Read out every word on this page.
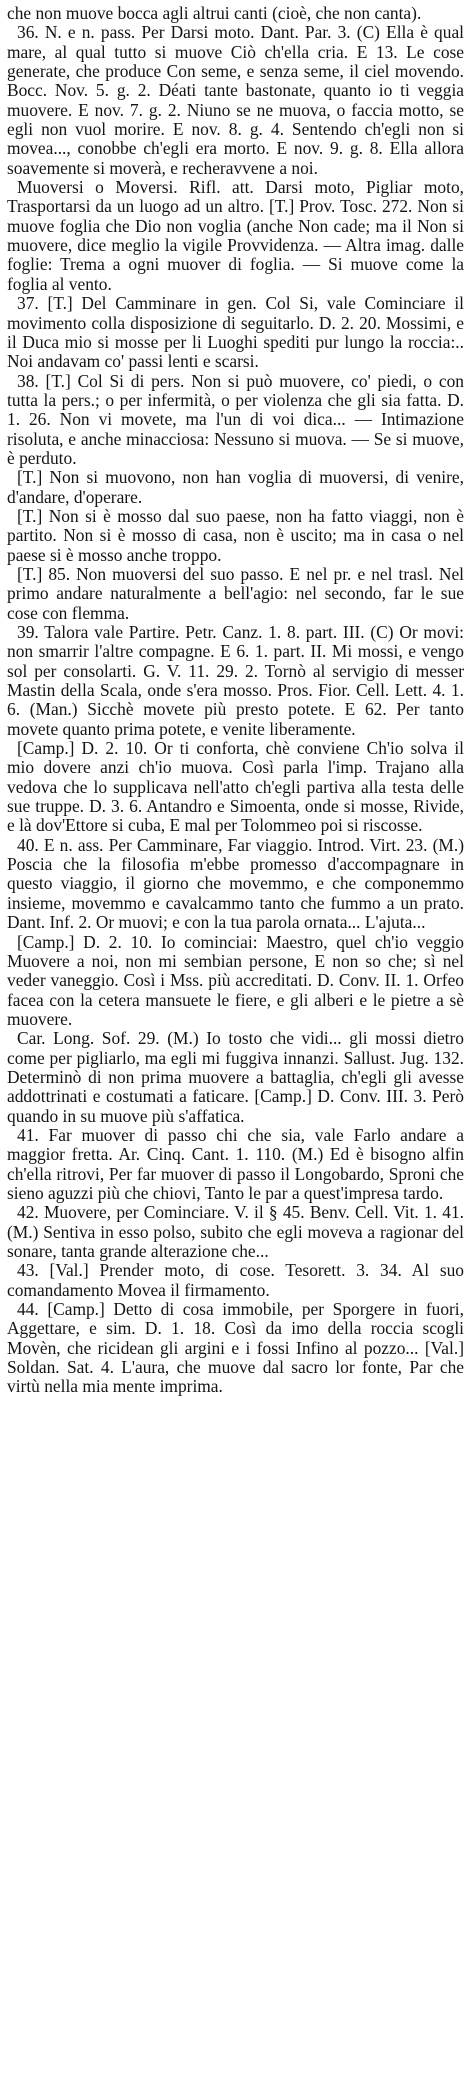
che non muove bocca agli altrui canti (cioè, che non canta).

36. N. e n. pass. Per Darsi moto. Dant. Par. 3. (C) Ella è qual mare, al qual tutto si muove Ciò ch'ella cria. E 13. Le cose generate, che produce Con seme, e senza seme, il ciel movendo. Bocc. Nov. 5. g. 2. Déati tante bastonate, quanto io ti veggia muovere. E nov. 7. g. 2. Niuno se ne muova, o faccia motto, se egli non vuol morire. E nov. 8. g. 4. Sentendo ch'egli non si movea..., conobbe ch'egli era morto. E nov. 9. g. 8. Ella allora soavemente si moverà, e recheravvene a noi.

Muoversi o Moversi. Rifl. att. Darsi moto, Pigliar moto, Trasportarsi da un luogo ad un altro. [T.] Prov. Tosc. 272. Non si muove foglia che Dio non voglia (anche Non cade; ma il Non si muovere, dice meglio la vigile Provvidenza. — Altra imag. dalle foglie: Trema a ogni muover di foglia. — Si muove come la foglia al vento.

37. [T.] Del Camminare in gen. Col Si, vale Cominciare il movimento colla disposizione di seguitarlo. D. 2. 20. Mossimi, e il Duca mio si mosse per li Luoghi spediti pur lungo la roccia:.. Noi andavam co' passi lenti e scarsi.

38. [T.] Col Si di pers. Non si può muovere, co' piedi, o con tutta la pers.; o per infermità, o per violenza che gli sia fatta. D. 1. 26. Non vi movete, ma l'un di voi dica... — Intimazione risoluta, e anche minacciosa: Nessuno si muova. — Se si muove, è perduto.

[T.] Non si muovono, non han voglia di muoversi, di venire, d'andare, d'operare.

[T.] Non si è mosso dal suo paese, non ha fatto viaggi, non è partito. Non si è mosso di casa, non è uscito; ma in casa o nel paese si è mosso anche troppo.

[T.] 85. Non muoversi del suo passo. E nel pr. e nel trasl. Nel primo andare naturalmente a bell'agio: nel secondo, far le sue cose con flemma.

39. Talora vale Partire. Petr. Canz. 1. 8. part. III. (C) Or movi: non smarrir l'altre compagne. E 6. 1. part. II. Mi mossi, e vengo sol per consolarti. G. V. 11. 29. 2. Tornò al servigio di messer Mastin della Scala, onde s'era mosso. Pros. Fior. Cell. Lett. 4. 1. 6. (Man.) Sicchè movete più presto potete. E 62. Per tanto movete quanto prima potete, e venite liberamente.

[Camp.] D. 2. 10. Or ti conforta, chè conviene Ch'io solva il mio dovere anzi ch'io muova. Così parla l'imp. Trajano alla vedova che lo supplicava nell'atto ch'egli partiva alla testa delle sue truppe. D. 3. 6. Antandro e Simoenta, onde si mosse, Rivide, e là dov'Ettore si cuba, E mal per Tolommeo poi si riscosse.

40. E n. ass. Per Camminare, Far viaggio. Introd. Virt. 23. (M.) Poscia che la filosofia m'ebbe promesso d'accompagnare in questo viaggio, il giorno che movemmo, e che componemmo insieme, movemmo e cavalcammo tanto che fummo a un prato. Dant. Inf. 2. Or muovi; e con la tua parola ornata... L'ajuta...

[Camp.] D. 2. 10. Io cominciai: Maestro, quel ch'io veggio Muovere a noi, non mi sembian persone, E non so che; sì nel veder vaneggio. Così i Mss. più accreditati. D. Conv. II. 1. Orfeo facea con la cetera mansuete le fiere, e gli alberi e le pietre a sè muovere.

Car. Long. Sof. 29. (M.) Io tosto che vidi... gli mossi dietro come per pigliarlo, ma egli mi fuggiva innanzi. Sallust. Jug. 132. Determinò di non prima muovere a battaglia, ch'egli gli avesse addottrinati e costumati a faticare. [Camp.] D. Conv. III. 3. Però quando in su muove più s'affatica.

41. Far muover di passo chi che sia, vale Farlo andare a maggior fretta. Ar. Cinq. Cant. 1. 110. (M.) Ed è bisogno alfin ch'ella ritrovi, Per far muover di passo il Longobardo, Sproni che sieno aguzzi più che chiovi, Tanto le par a quest'impresa tardo.

42. Muovere, per Cominciare. V. il § 45. Benv. Cell. Vit. 1. 41. (M.) Sentiva in esso polso, subito che egli moveva a ragionar del sonare, tanta grande alterazione che...

43. [Val.] Prender moto, di cose. Tesorett. 3. 34. Al suo comandamento Movea il firmamento.

44. [Camp.] Detto di cosa immobile, per Sporgere in fuori, Aggettare, e sim. D. 1. 18. Così da imo della roccia scogli Movèn, che ricidean gli argini e i fossi Infino al pozzo... [Val.] Soldan. Sat. 4. L'aura, che muove dal sacro lor fonte, Par che virtù nella mia mente imprima.
